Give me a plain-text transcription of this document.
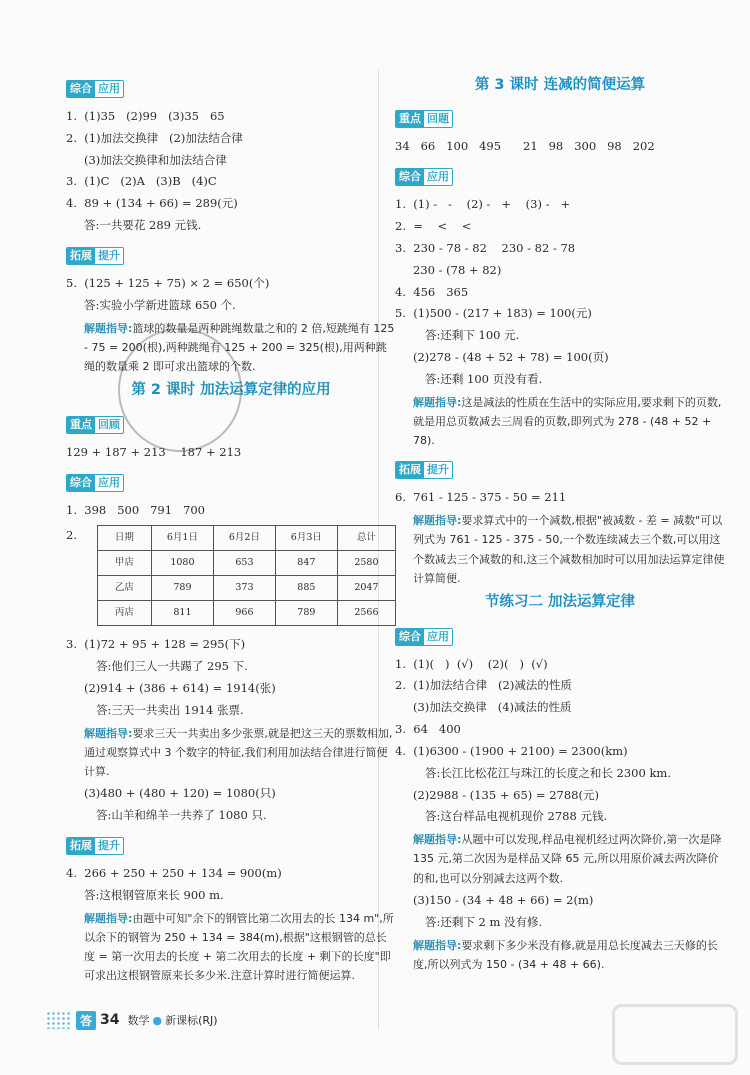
综合 应用
1.  (1)35   (2)99   (3)35   65
2.  (1)加法交换律   (2)加法结合律
(3)加法交换律和加法结合律
3.  (1)C   (2)A   (3)B   (4)C
4.  89 + (134 + 66) = 289(元)
答:一共要花 289 元钱.
拓展 提升
5.  (125 + 125 + 75) × 2 = 650(个)
答:实验小学新进篮球 650 个.
解题指导:篮球的数量是两种跳绳数量之和的 2 倍,短跳绳有 125 - 75 = 200(根),两种跳绳有 125 + 200 = 325(根),用两种跳绳的数量乘 2 即可求出篮球的个数.
第 2 课时 加法运算定律的应用
重点 回顾
129 + 187 + 213    187 + 213
综合 应用
1.  398   500   791   700
2.	日期	6月1日	6月2日	6月3日	总计
甲店	1080	653	847	2580
乙店	789	373	885	2047
丙店	811	966	789	2566
3.  (1)72 + 95 + 128 = 295(下)
答:他们三人一共踢了 295 下.
(2)914 + (386 + 614) = 1914(张)
答:三天一共卖出 1914 张票.
解题指导:要求三天一共卖出多少张票,就是把这三天的票数相加,通过观察算式中 3 个数字的特征,我们利用加法结合律进行简便计算.
(3)480 + (480 + 120) = 1080(只)
答:山羊和绵羊一共养了 1080 只.
拓展 提升
4.  266 + 250 + 250 + 134 = 900(m)
答:这根钢管原来长 900 m.
解题指导:由题中可知"余下的钢管比第二次用去的长 134 m",所以余下的钢管为 250 + 134 = 384(m),根据"这根钢管的总长度 = 第一次用去的长度 + 第二次用去的长度 + 剩下的长度"即可求出这根钢管原来长多少米.注意计算时进行简便运算.
第 3 课时 连减的简便运算
重点 回题
34   66   100   495      21   98   300   98   202
综合 应用
1.  (1) -   -    (2) -   +    (3) -   +
2.  =    <    <
3.  230 - 78 - 82    230 - 82 - 78
230 - (78 + 82)
4.  456   365
5.  (1)500 - (217 + 183) = 100(元)
答:还剩下 100 元.
(2)278 - (48 + 52 + 78) = 100(页)
答:还剩 100 页没有看.
解题指导:这是减法的性质在生活中的实际应用,要求剩下的页数,就是用总页数减去三周看的页数,即列式为 278 - (48 + 52 + 78).
拓展 提升
6.  761 - 125 - 375 - 50 = 211
解题指导:要求算式中的一个减数,根据"被减数 - 差 = 减数"可以列式为 761 - 125 - 375 - 50,一个数连续减去三个数,可以用这个数减去三个减数的和,这三个减数相加时可以用加法运算定律使计算简便.
节练习二 加法运算定律
综合 应用
1.  (1)(   )  (√)    (2)(   )  (√)
2.  (1)加法结合律   (2)减法的性质
(3)加法交换律   (4)减法的性质
3.  64   400
4.  (1)6300 - (1900 + 2100) = 2300(km)
答:长江比松花江与珠江的长度之和长 2300 km.
(2)2988 - (135 + 65) = 2788(元)
答:这台样品电视机现价 2788 元钱.
解题指导:从题中可以发现,样品电视机经过两次降价,第一次是降 135 元,第二次因为是样品又降 65 元,所以用原价减去两次降价的和,也可以分别减去这两个数.
(3)150 - (34 + 48 + 66) = 2(m)
答:还剩下 2 m 没有修.
解题指导:要求剩下多少米没有修,就是用总长度减去三天修的长度,所以列式为 150 - (34 + 48 + 66).
答 34 数学 ● 新课标(RJ)
